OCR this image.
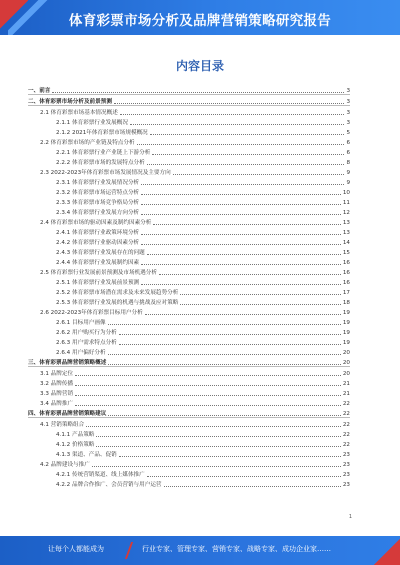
体育彩票市场分析及品牌营销策略研究报告
内容目录
一、前言	3
二、体育彩票市场分析及前景预测	3
2.1 体育彩票市场基本情况概述	3
2.1.1 体育彩票行业发展概况	3
2.1.2 2021年体育彩票市场规模概况	5
2.2 体育彩票市场的产业链及特点分析	6
2.2.1 体育彩票行业产业链上下游分析	6
2.2.2 体育彩票市场的发展特点分析	8
2.3 2022-2023年体育彩票市场发展情况及主要方向	9
2.3.1 体育彩票行业发展情况分析	9
2.3.2 体育彩票市场运营特点分析	10
2.3.3 体育彩票市场竞争格局分析	11
2.3.4 体育彩票行业发展方向分析	12
2.4 体育彩票市场的驱动因素及制约因素分析	13
2.4.1 体育彩票行业政策环境分析	13
2.4.2 体育彩票行业驱动因素分析	14
2.4.3 体育彩票行业发展存在的问题	15
2.4.4 体育彩票行业发展制约因素	16
2.5 体育彩票行业发展前景预测及市场机遇分析	16
2.5.1 体育彩票行业发展前景预测	16
2.5.2 体育彩票市场潜在需求及未来发展趋势分析	17
2.5.3 体育彩票行业发展的机遇与挑战及应对策略	18
2.6 2022-2023年体育彩票目标用户分析	19
2.6.1 目标用户画像	19
2.6.2 用户购买行为分析	19
2.6.3 用户需求特点分析	19
2.6.4 用户偏好分析	20
三、体育彩票品牌营销策略概述	20
3.1 品牌定位	20
3.2 品牌传播	21
3.3 品牌营销	21
3.4 品牌推广	22
四、体育彩票品牌营销策略建议	22
4.1 营销策略组合	22
4.1.1 产品策略	22
4.1.2 价格策略	22
4.1.3 渠道、产品、促销	23
4.2 品牌建设与推广	23
4.2.1 传统营销渠道、线上媒体推广	23
4.2.2 品牌合作推广、会员营销与用户运营	23
1
让每个人都能成为	行业专家、管理专家、营销专家、战略专家、成功企业家……
